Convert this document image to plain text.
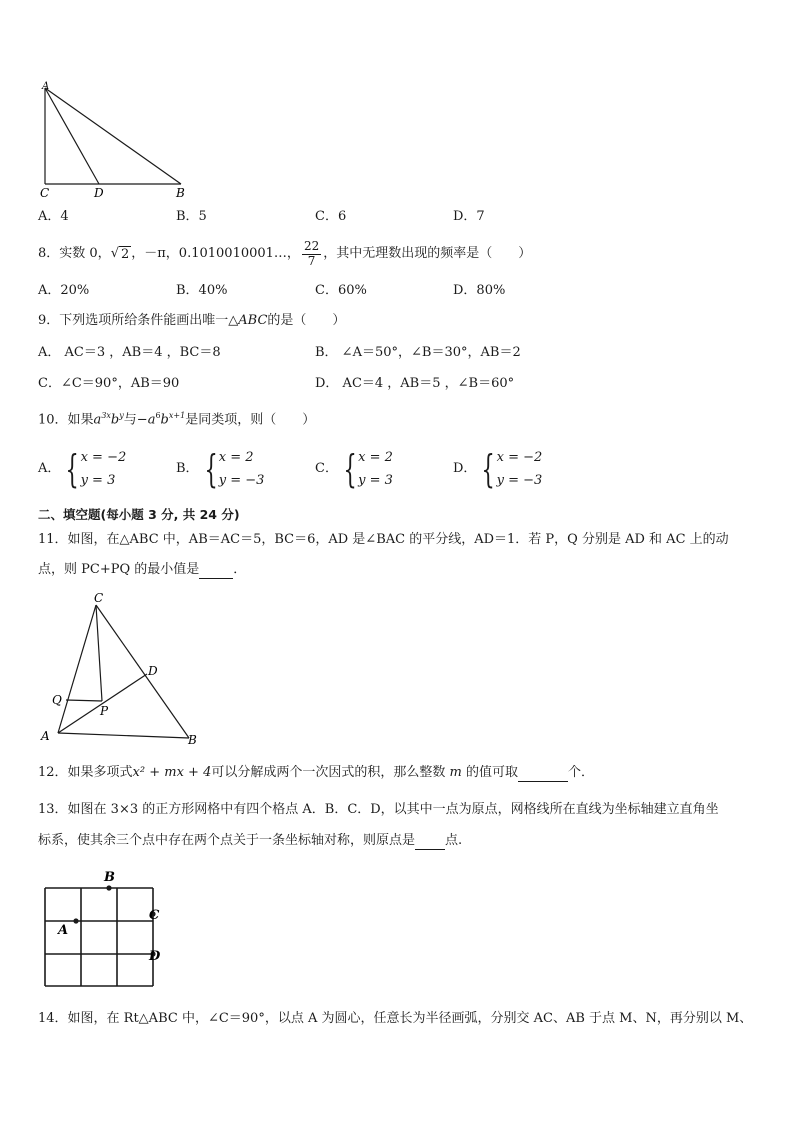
A
C	D	B
A．4	B．5	C．6	D．7
8．实数 0， √ 2 ，－π，0.1010010001…， $\frac{22}{7}$ ，其中无理数出现的频率是（　　）
A．20%	B．40%	C．60%	D．80%
9．下列选项所给条件能画出唯一△ABC的是（　　）
A． AC＝3 ，AB＝4 ，BC＝8	B． ∠A＝50°，∠B＝30°，AB＝2
C．∠C＝90°，AB＝90	D． AC＝4 ，AB＝5 ，∠B＝60°
10．如果$a^{3x}b^y$与$-a^6b^{x+1}$是同类项，则（　　）
A． { x = −2
y = 3
B． { x = 2
y = −3
C． { x = 2
y = 3
D． { x = −2
y = −3
二、填空题(每小题 3 分, 共 24 分)
11．如图，在△ABC 中，AB＝AC＝5，BC＝6，AD 是∠BAC 的平分线，AD＝1．若 P，Q 分别是 AD 和 AC 上的动
点，则 PC+PQ 的最小值是	．
C
D
Q
P
A	B
12．如果多项式x² + mx + 4可以分解成两个一次因式的积，那么整数 m 的值可取	个．
13．如图在 3×3 的正方形网格中有四个格点 A．B．C．D，以其中一点为原点，网格线所在直线为坐标轴建立直角坐
标系，使其余三个点中存在两个点关于一条坐标轴对称，则原点是 点.
B
A
C
D
14．如图，在 Rt△ABC 中，∠C＝90°，以点 A 为圆心，任意长为半径画弧，分别交 AC、AB 于点 M、N，再分别以 M、
